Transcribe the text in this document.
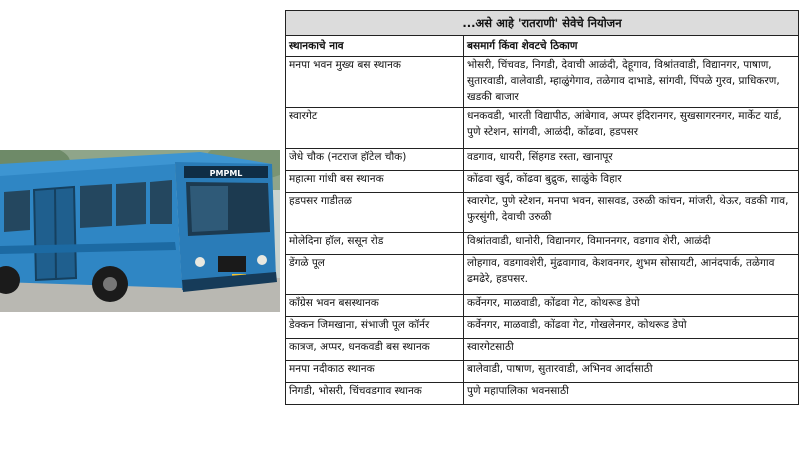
PMPML
...असे आहे 'रातराणी' सेवेचे नियोजन	
स्थानकाचे नाव	बसमार्ग किंवा शेवटचे ठिकाण
मनपा भवन मुख्य बस स्थानक	भोसरी, चिंचवड, निगडी, देवाची आळंदी, देहूगाव, विश्रांतवाडी, विद्यानगर, पाषाण, सुतारवाडी, वालेवाडी, म्हाळुंगेगाव, तळेगाव दाभाडे, सांगवी, पिंपळे गुरव, प्राधिकरण, खडकी बाजार
स्वारगेट	धनकवडी, भारती विद्यापीठ, आंबेगाव, अप्पर इंदिरानगर, सुखसागरनगर, मार्केट यार्ड, पुणे स्टेशन, सांगवी, आळंदी, कोंढवा, हडपसर
जेधे चौक (नटराज हॉटेल चौक)	वडगाव, धायरी, सिंहगड रस्ता, खानापूर
महात्मा गांधी बस स्थानक	कोंढवा खुर्द, कोंढवा बुद्रुक, साळुंके विहार
हडपसर गाडीतळ	स्वारगेट, पुणे स्टेशन, मनपा भवन, सासवड, उरुळी कांचन, मांजरी, थेऊर, वडकी गाव, फुरसुंगी, देवाची उरुळी
मोलेदिना हॉल, ससून रोड	विश्रांतवाडी, धानोरी, विद्यानगर, विमाननगर, वडगाव शेरी, आळंदी
डेंगळे पूल	लोहगाव, वडगावशेरी, मुंढवागाव, केशवनगर, शुभम सोसायटी, आनंदपार्क, तळेगाव ढमढेरे, हडपसर.
कॉंग्रेस भवन बसस्थानक	कर्वेनगर, माळवाडी, कोंढवा गेट, कोथरूड डेपो
डेक्कन जिमखाना, संभाजी पूल कॉर्नर	कर्वेनगर, माळवाडी, कोंढवा गेट, गोखलेनगर, कोथरूड डेपो
कात्रज, अप्पर, धनकवडी बस स्थानक	स्वारगेटसाठी
मनपा नदीकाठ स्थानक	बालेवाडी, पाषाण, सुतारवाडी, अभिनव आर्दासाठी
निगडी, भोसरी, चिंचवडगाव स्थानक	पुणे महापालिका भवनसाठी
